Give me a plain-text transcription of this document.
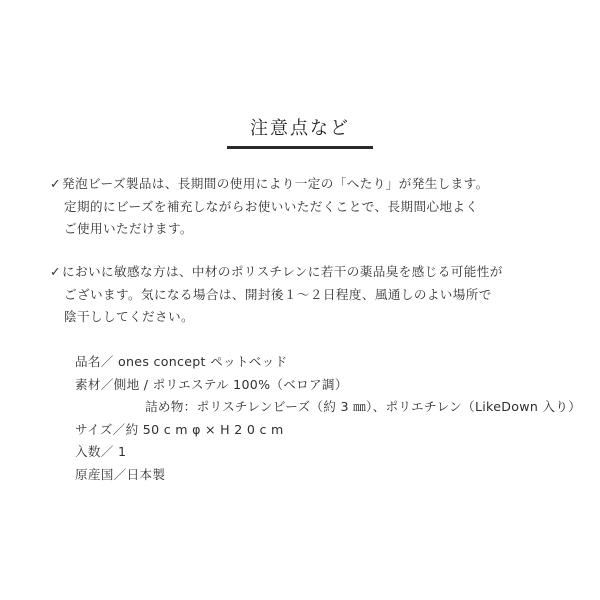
注意点など
✓発泡ビーズ製品は、長期間の使用により一定の「へたり」が発生します。
定期的にビーズを補充しながらお使いいただくことで、長期間心地よく
ご使用いただけます。
✓においに敏感な方は、中材のポリスチレンに若干の薬品臭を感じる可能性が
ございます。気になる場合は、開封後１～２日程度、風通しのよい場所で
陰干ししてください。
品名／ ones concept ペットベッド
素材／側地 / ポリエステル 100%（ベロア調）
詰め物：ポリスチレンビーズ（約 3 ㎜）、ポリエチレン（LikeDown 入り）
サイズ／約 50 c m φ × H 2 0 c m
入数／ 1
原産国／日本製
